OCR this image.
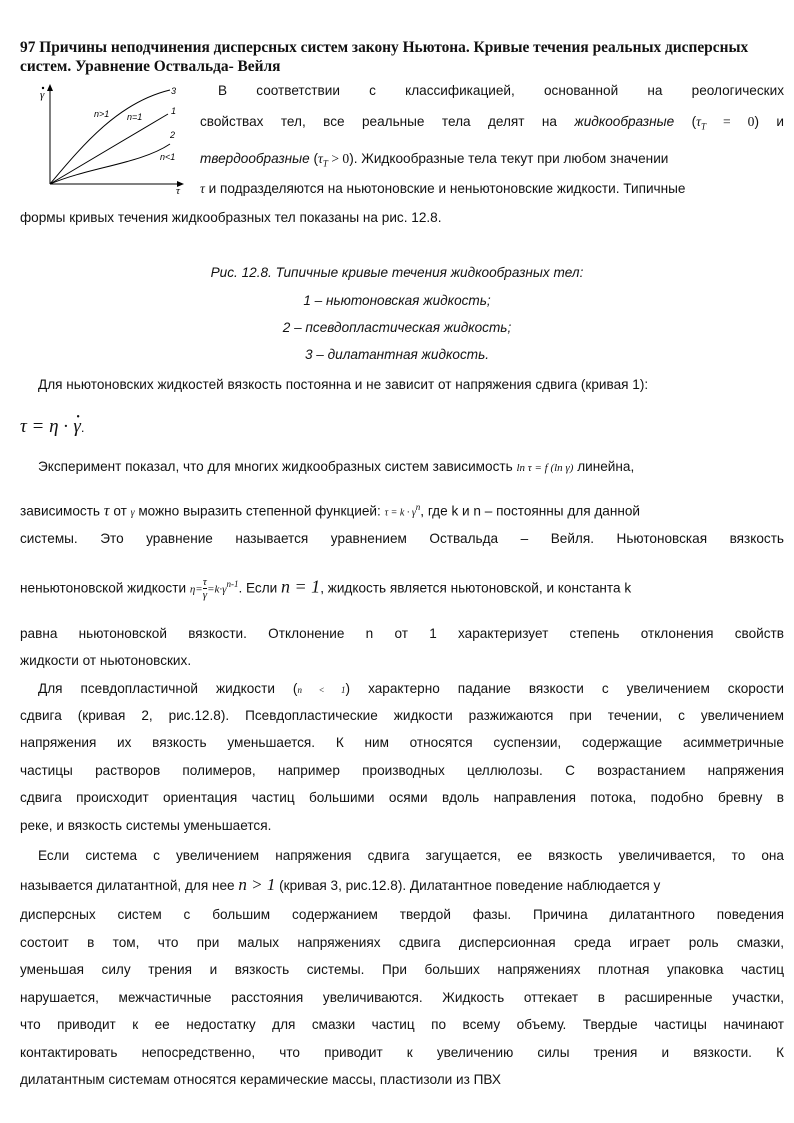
97 Причины неподчинения дисперсных систем закону Ньютона. Кривые течения реальных дисперсных систем. Уравнение Оствальда- Вейля
γ
τ
3
1
2
n>1 n=1
n<1
В соответствии с классификацией, основанной на реологических
свойствах тел, все реальные тела делят на жидкообразные $(\tau_T = 0)$ и
твердообразные $(\tau_T > 0)$. Жидкообразные тела текут при любом значении
τ и подразделяются на ньютоновские и неньютоновские жидкости. Типичные
формы кривых течения жидкообразных тел показаны на рис. 12.8.
Рис. 12.8. Типичные кривые течения жидкообразных тел:
1 – ньютоновская жидкость;
2 – псевдопластическая жидкость;
3 – дилатантная жидкость.
Для ньютоновских жидкостей вязкость постоянна и не зависит от напряжения сдвига (кривая 1):
τ = η · • γ.
Эксперимент показал, что для многих жидкообразных систем зависимость ln τ = f (ln γ) линейна,
зависимость τ от γ можно выразить степенной функцией: $\tau = k \cdot \gamma^n$, где k и n – постоянны для данной
системы. Это уравнение называется уравнением Оствальда – Вейля. Ньютоновская вязкость
неньютоновской жидкости $\eta= \frac{\tau}{\gamma} =k\cdot\gamma^{n-1}$. Если n = 1, жидкость является ньютоновской, и константа k
равна ньютоновской вязкости. Отклонение n от 1 характеризует степень отклонения свойств
жидкости от ньютоновских.
Для псевдопластичной жидкости (n < 1) характерно падание вязкости с увеличением скорости
сдвига (кривая 2, рис.12.8). Псевдопластические жидкости разжижаются при течении, с увеличением
напряжения их вязкость уменьшается. К ним относятся суспензии, содержащие асимметричные
частицы растворов полимеров, например производных целлюлозы. С возрастанием напряжения
сдвига происходит ориентация частиц большими осями вдоль направления потока, подобно бревну в
реке, и вязкость системы уменьшается.
Если система с увеличением напряжения сдвига загущается, ее вязкость увеличивается, то она
называется дилатантной, для нее n > 1 (кривая 3, рис.12.8). Дилатантное поведение наблюдается у
дисперсных систем с большим содержанием твердой фазы. Причина дилатантного поведения
состоит в том, что при малых напряжениях сдвига дисперсионная среда играет роль смазки,
уменьшая силу трения и вязкость системы. При больших напряжениях плотная упаковка частиц
нарушается, межчастичные расстояния увеличиваются. Жидкость оттекает в расширенные участки,
что приводит к ее недостатку для смазки частиц по всему объему. Твердые частицы начинают
контактировать непосредственно, что приводит к увеличению силы трения и вязкости. К
дилатантным системам относятся керамические массы, пластизоли из ПВХ
